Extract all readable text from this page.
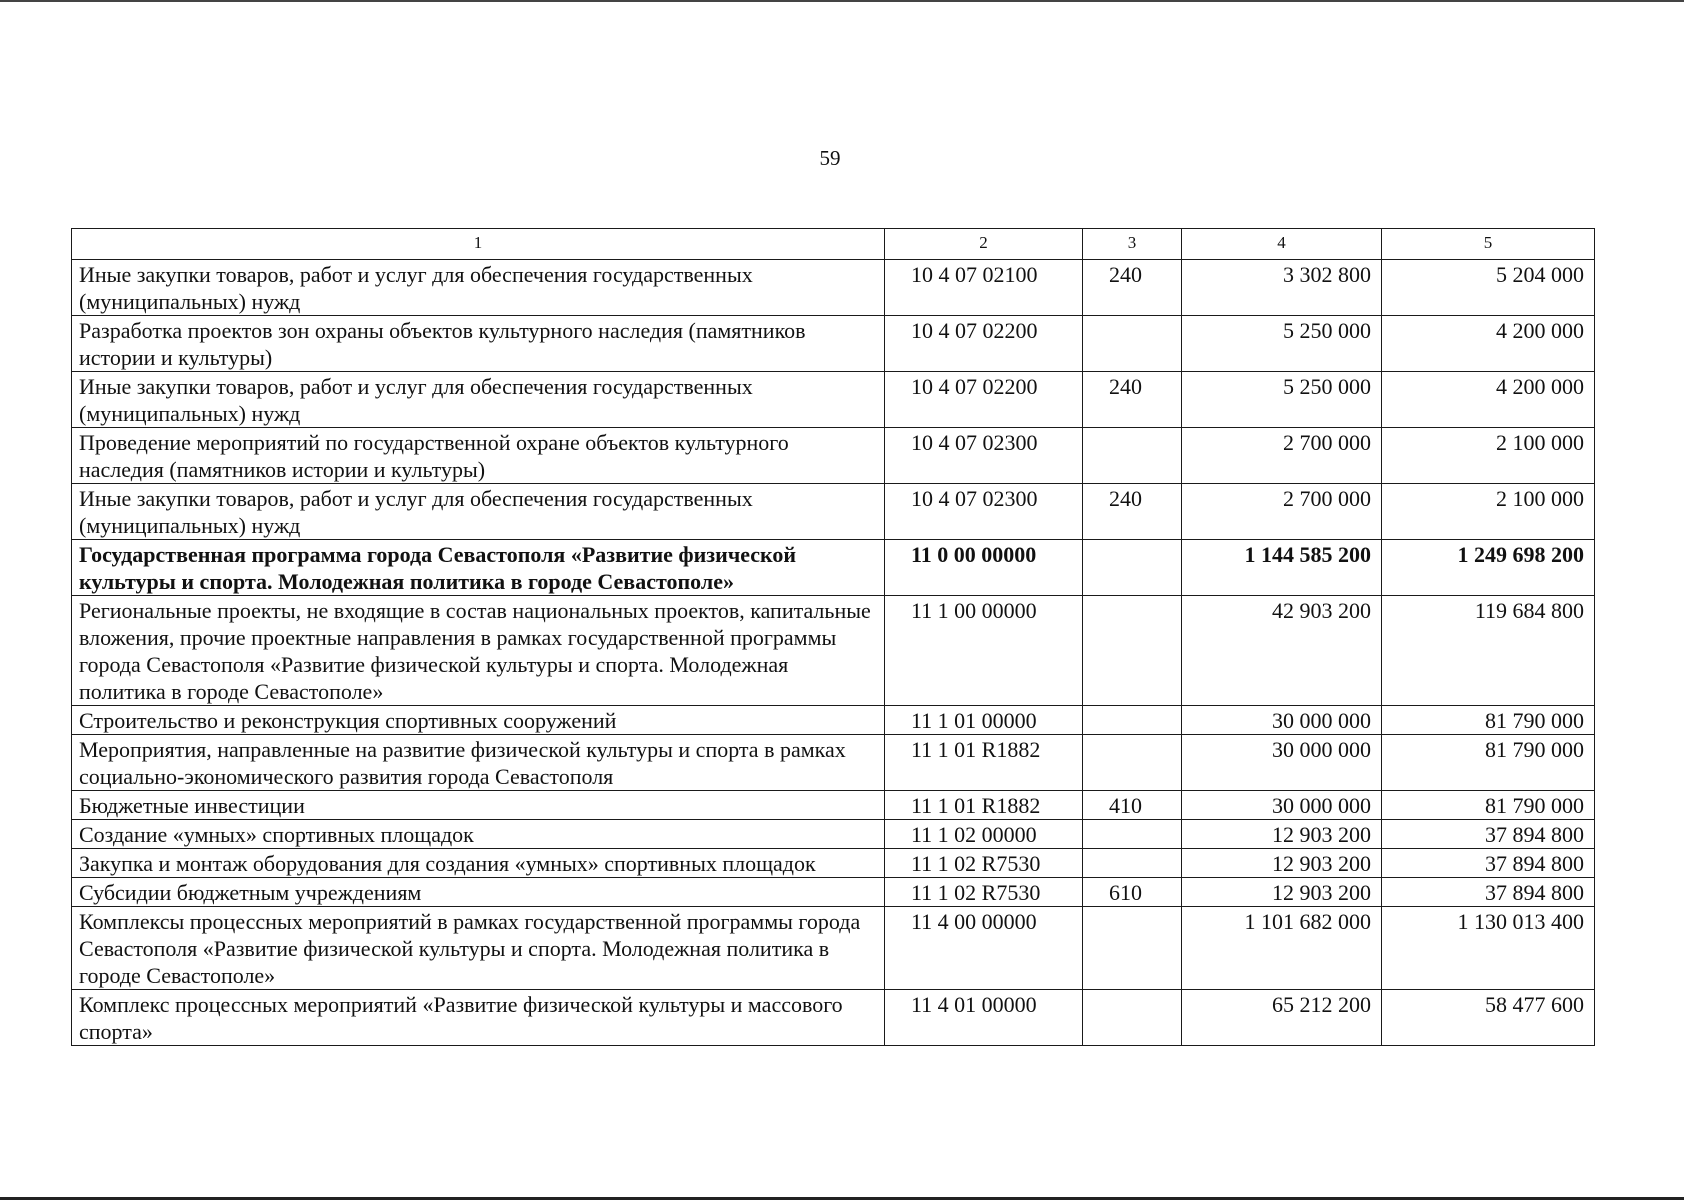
59
1	2	3	4	5
Иные закупки товаров, работ и услуг для обеспечения государственных (муниципальных) нужд	10 4 07 02100	240	3 302 800	5 204 000
Разработка проектов зон охраны объектов культурного наследия (памятников истории и культуры)	10 4 07 02200		5 250 000	4 200 000
Иные закупки товаров, работ и услуг для обеспечения государственных (муниципальных) нужд	10 4 07 02200	240	5 250 000	4 200 000
Проведение мероприятий по государственной охране объектов культурного наследия (памятников истории и культуры)	10 4 07 02300		2 700 000	2 100 000
Иные закупки товаров, работ и услуг для обеспечения государственных (муниципальных) нужд	10 4 07 02300	240	2 700 000	2 100 000
Государственная программа города Севастополя «Развитие физической культуры и спорта. Молодежная политика в городе Севастополе»	11 0 00 00000		1 144 585 200	1 249 698 200
Региональные проекты, не входящие в состав национальных проектов, капитальные вложения, прочие проектные направления в рамках государственной программы города Севастополя «Развитие физической культуры и спорта. Молодежная политика в городе Севастополе»	11 1 00 00000		42 903 200	119 684 800
Строительство и реконструкция спортивных сооружений	11 1 01 00000		30 000 000	81 790 000
Мероприятия, направленные на развитие физической культуры и спорта в рамках социально-экономического развития города Севастополя	11 1 01 R1882		30 000 000	81 790 000
Бюджетные инвестиции	11 1 01 R1882	410	30 000 000	81 790 000
Создание «умных» спортивных площадок	11 1 02 00000		12 903 200	37 894 800
Закупка и монтаж оборудования для создания «умных» спортивных площадок	11 1 02 R7530		12 903 200	37 894 800
Субсидии бюджетным учреждениям	11 1 02 R7530	610	12 903 200	37 894 800
Комплексы процессных мероприятий в рамках государственной программы города Севастополя «Развитие физической культуры и спорта. Молодежная политика в городе Севастополе»	11 4 00 00000		1 101 682 000	1 130 013 400
Комплекс процессных мероприятий «Развитие физической культуры и массового спорта»	11 4 01 00000		65 212 200	58 477 600
